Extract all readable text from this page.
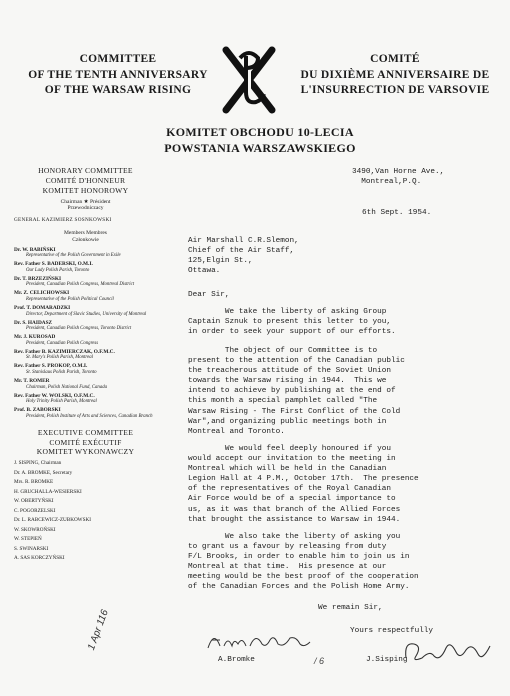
COMMITTEE
OF THE TENTH ANNIVERSARY
OF THE WARSAW RISING
COMITÉ
DU DIXIÈME ANNIVERSAIRE DE
L'INSURRECTION DE VARSOVIE
KOMITET OBCHODU 10-LECIA
POWSTANIA WARSZAWSKIEGO
HONORARY COMMITTEE
COMITÉ D'HONNEUR
KOMITET HONOROWY
Chairman ★ Président
Przewodniczacy
GENERAL KAZIMIERZ SOSNKOWSKI
Members Membres
Członkowie
Dr. W. BABIŃSKI
Representative of the Polish Government in Exile
Rev. Father S. BADERSKI, O.M.I.
Our Lady Polish Parish, Toronto
Dr. T. BRZEZIŃSKI
President, Canadian Polish Congress, Montreal District
Mr. Z. CELICHOWSKI
Representative of the Polish Political Council
Prof. T. DOMARADZKI
Director, Department of Slavic Studies, University of Montreal
Dr. S. HAIDASZ
President, Canadian Polish Congress, Toronto District
Mr. J. KUROSAD
President, Canadian Polish Congress
Rev. Father B. KAZIMIERCZAK, O.F.M.C.
St. Mary's Polish Parish, Montreal
Rev. Father S. PROKOP, O.M.I.
St. Stanislaus Polish Parish, Toronto
Mr. T. ROMER
Chairman, Polish National Fund, Canada
Rev. Father W. WOLSKI, O.F.M.C.
Holy Trinity Polish Parish, Montreal
Prof. B. ZABORSKI
President, Polish Institute of Arts and Sciences, Canadian Branch
EXECUTIVE COMMITTEE
COMITÉ EXÉCUTIF
KOMITET WYKONAWCZY
J. SISPING, Chairman
Dr. A. BROMKE, Secretary
Mrs. R. BROMKE
H. GRUCHALLA-WESIERSKI
W. OBERTYŃSKI
C. POGORZELSKI
Dr. L. RABCEWICZ-ZUBKOWSKI
W. SKOWROŃSKI
W. STEPIEŃ
S. SWINARSKI
A. SAS KORCZYŃSKI
3490,Van Horne Ave.,
Montreal,P.Q.
6th Sept. 1954.
Air Marshall C.R.Slemon,
Chief of the Air Staff,
125,Elgin St.,
Ottawa.
Dear Sir,
We take the liberty of asking Group
Captain Sznuk to present this letter to you,
in order to seek your support of our efforts.
The object of our Committee is to
present to the attention of the Canadian public
the treacherous attitude of the Soviet Union
towards the Warsaw rising in 1944.  This we
intend to achieve by publishing at the end of
this month a special pamphlet called "The
Warsaw Rising - The First Conflict of the Cold
War",and organizing public meetings both in
Montreal and Toronto.
We would feel deeply honoured if you
would accept our invitation to the meeting in
Montreal which will be held in the Canadian
Legion Hall at 4 P.M., October 17th.  The presence
of the representatives of the Royal Canadian
Air Force would be of a special importance to
us, as it was that branch of the Allied Forces
that brought the assistance to Warsaw in 1944.
We also take the liberty of asking you
to grant us a favour by releasing from duty
F/L Brooks, in order to enable him to join us in
Montreal at that time.  His presence at our
meeting would be the best proof of the cooperation
of the Canadian Forces and the Polish Home Army.
We remain Sir,
Yours respectfully
A.Bromke	J.Sisping
1 Apr 116
/ 6
